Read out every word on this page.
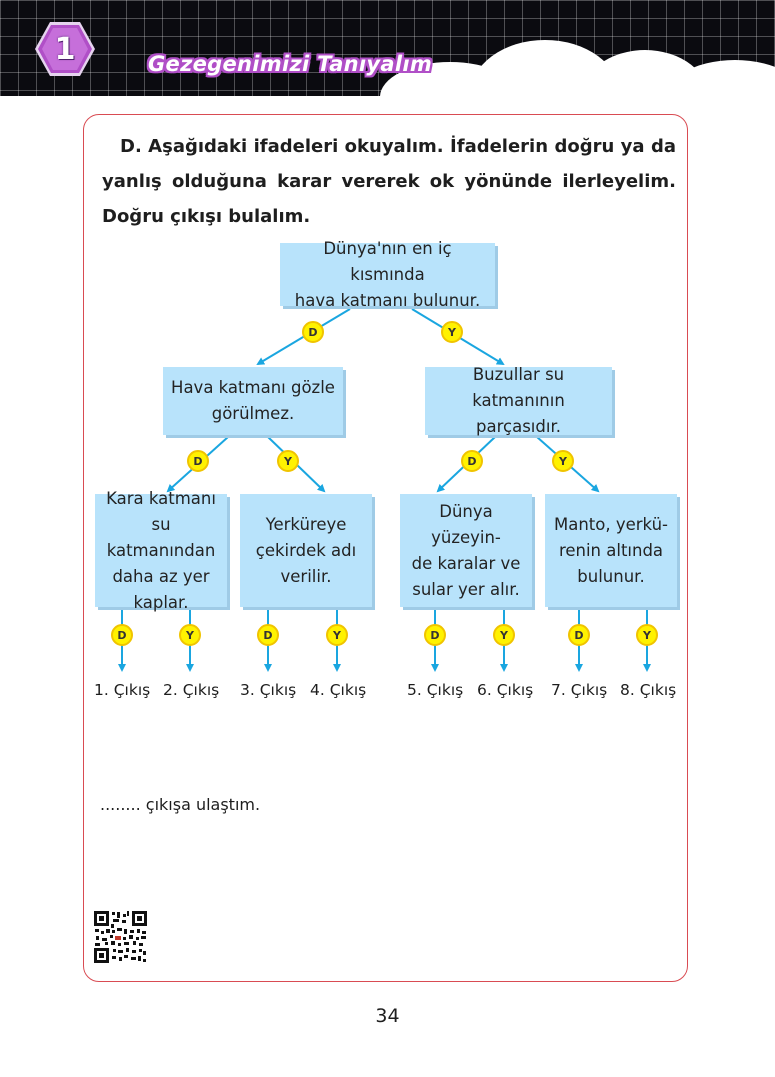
1	Gezegenimizi Tanıyalım
D. Aşağıdaki ifadeleri okuyalım. İfadelerin doğru ya da yanlış olduğuna karar vererek ok yönünde ilerleyelim. Doğru çıkışı bulalım.
Dünya'nın en iç kısmında
hava katmanı bulunur.
Hava katmanı gözle
görülmez.
Buzullar su katmanının
parçasıdır.
Kara katmanı
su katmanından
daha az yer
kaplar.
Yerküreye
çekirdek adı
verilir.
Dünya yüzeyin-
de karalar ve
sular yer alır.
Manto, yerkü-
renin altında
bulunur.
D	Y
D	Y	D	Y
D	Y	D	Y	D	Y	D	Y
1. Çıkış 2. Çıkış 3. Çıkış 4. Çıkış	5. Çıkış 6. Çıkış 7. Çıkış 8. Çıkış
........ çıkışa ulaştım.
34
